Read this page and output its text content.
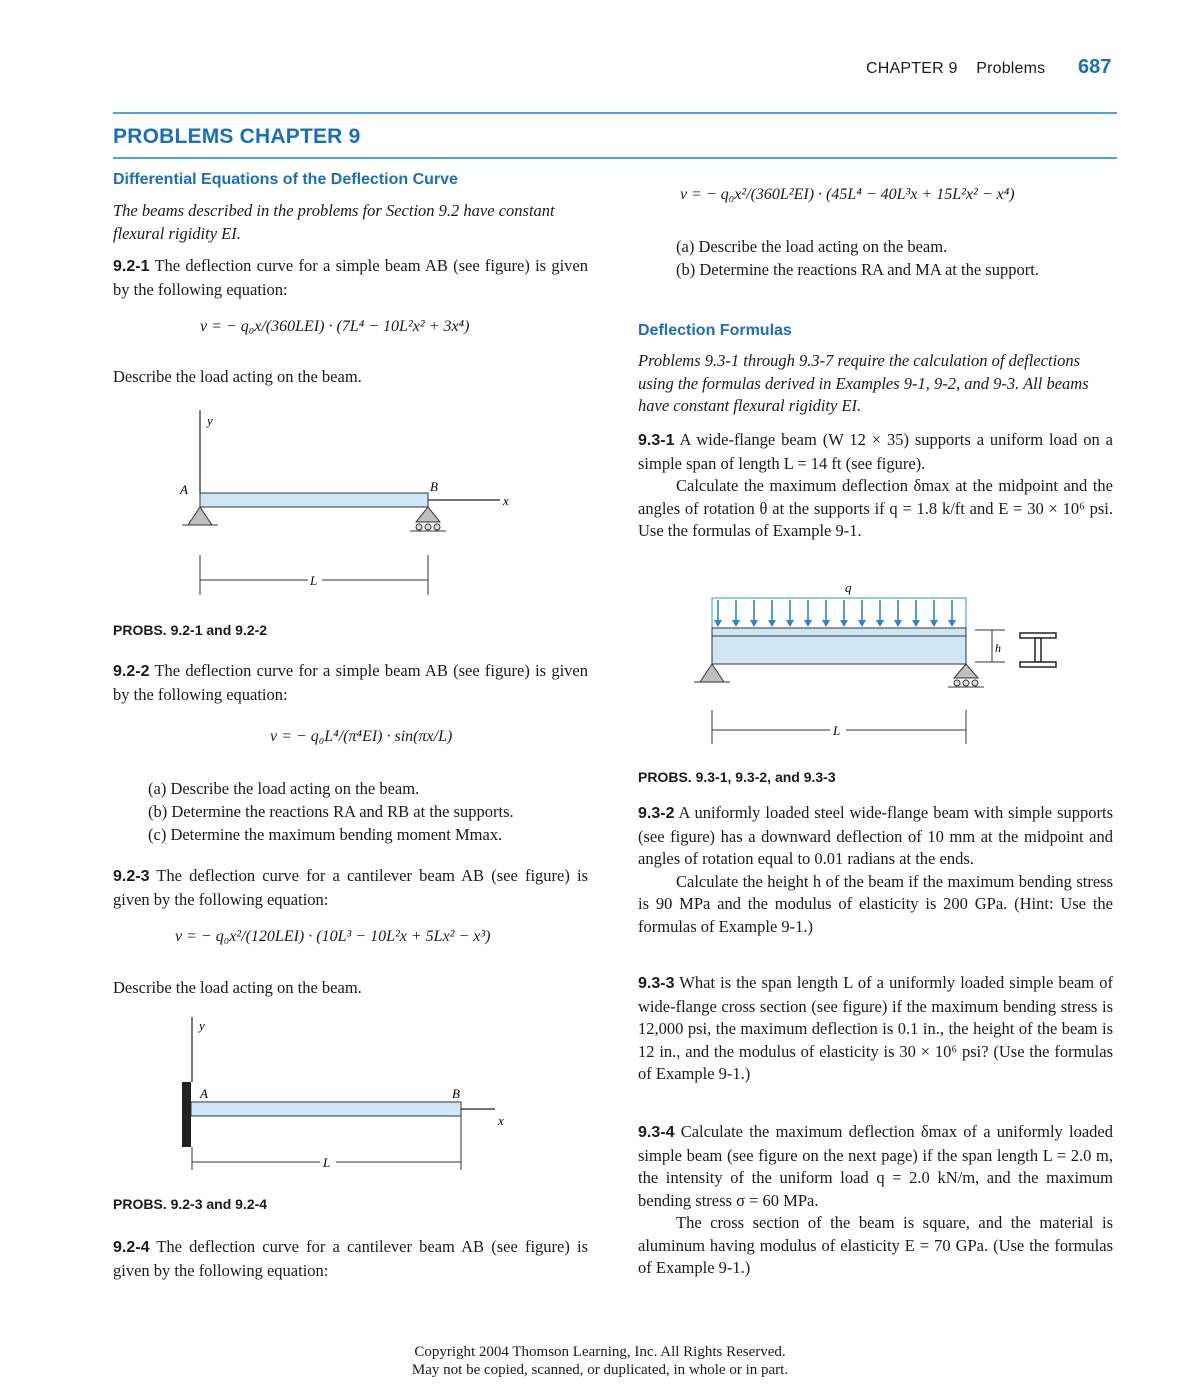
CHAPTER 9 Problems 687
PROBLEMS CHAPTER 9
Differential Equations of the Deflection Curve
The beams described in the problems for Section 9.2 have constant flexural rigidity EI.
9.2-1 The deflection curve for a simple beam AB (see figure) is given by the following equation:
v = − q₀x/(360LEI) · (7L⁴ − 10L²x² + 3x⁴)
Describe the load acting on the beam.
y
x
A	B
L
PROBS. 9.2-1 and 9.2-2
9.2-2 The deflection curve for a simple beam AB (see figure) is given by the following equation:
v = − q₀L⁴/(π⁴EI) · sin(πx/L)
(a) Describe the load acting on the beam.
(b) Determine the reactions RA and RB at the supports.
(c) Determine the maximum bending moment Mmax.
9.2-3 The deflection curve for a cantilever beam AB (see figure) is given by the following equation:
v = − q₀x²/(120LEI) · (10L³ − 10L²x + 5Lx² − x³)
Describe the load acting on the beam.
y
x
A	B
L
PROBS. 9.2-3 and 9.2-4
9.2-4 The deflection curve for a cantilever beam AB (see figure) is given by the following equation:
v = − q₀x²/(360L²EI) · (45L⁴ − 40L³x + 15L²x² − x⁴)
(a) Describe the load acting on the beam.
(b) Determine the reactions RA and MA at the support.
Deflection Formulas
Problems 9.3-1 through 9.3-7 require the calculation of deflections using the formulas derived in Examples 9-1, 9-2, and 9-3. All beams have constant flexural rigidity EI.
9.3-1 A wide-flange beam (W 12 × 35) supports a uniform load on a simple span of length L = 14 ft (see figure).
Calculate the maximum deflection δmax at the midpoint and the angles of rotation θ at the supports if q = 1.8 k/ft and E = 30 × 10⁶ psi. Use the formulas of Example 9-1.
q
h
L
PROBS. 9.3-1, 9.3-2, and 9.3-3
9.3-2 A uniformly loaded steel wide-flange beam with simple supports (see figure) has a downward deflection of 10 mm at the midpoint and angles of rotation equal to 0.01 radians at the ends.
Calculate the height h of the beam if the maximum bending stress is 90 MPa and the modulus of elasticity is 200 GPa. (Hint: Use the formulas of Example 9-1.)
9.3-3 What is the span length L of a uniformly loaded simple beam of wide-flange cross section (see figure) if the maximum bending stress is 12,000 psi, the maximum deflection is 0.1 in., the height of the beam is 12 in., and the modulus of elasticity is 30 × 10⁶ psi? (Use the formulas of Example 9-1.)
9.3-4 Calculate the maximum deflection δmax of a uniformly loaded simple beam (see figure on the next page) if the span length L = 2.0 m, the intensity of the uniform load q = 2.0 kN/m, and the maximum bending stress σ = 60 MPa.
The cross section of the beam is square, and the material is aluminum having modulus of elasticity E = 70 GPa. (Use the formulas of Example 9-1.)
Copyright 2004 Thomson Learning, Inc. All Rights Reserved.
May not be copied, scanned, or duplicated, in whole or in part.
